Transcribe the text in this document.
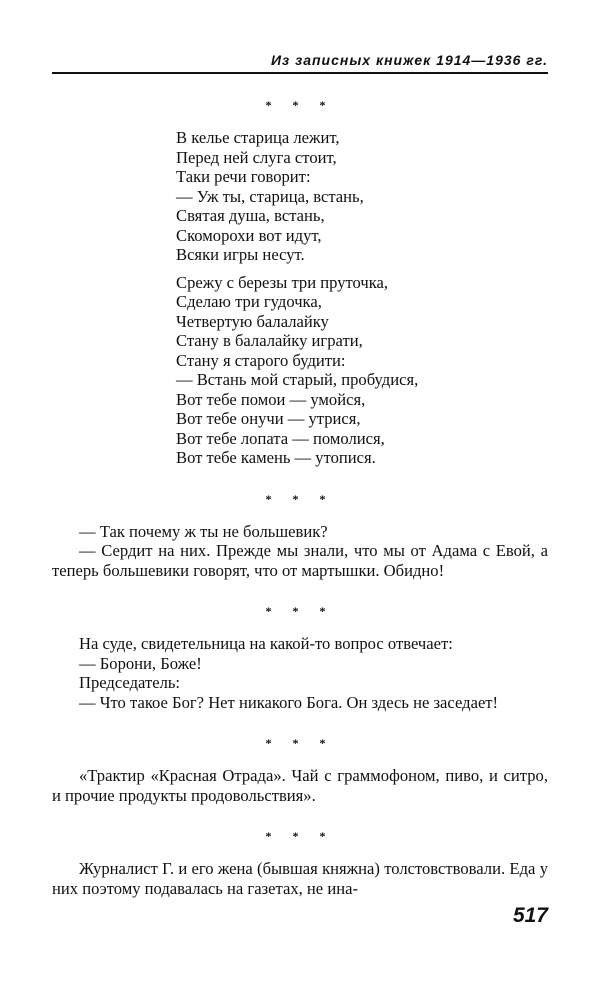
Из записных книжек 1914—1936 гг.
* * *
В келье старица лежит,
Перед ней слуга стоит,
Таки речи говорит:
— Уж ты, старица, встань,
Святая душа, встань,
Скоморохи вот идут,
Всяки игры несут.
Срежу с березы три пруточка,
Сделаю три гудочка,
Четвертую балалайку
Стану в балалайку играти,
Стану я старого будити:
— Встань мой старый, пробудися,
Вот тебе помои — умойся,
Вот тебе онучи — утрися,
Вот тебе лопата — помолися,
Вот тебе камень — утопися.
* * *

— Так почему ж ты не большевик?

— Сердит на них. Прежде мы знали, что мы от Адама с Евой, а теперь большевики говорят, что от мартышки. Обидно!

* * *

На суде, свидетельница на какой-то вопрос отвечает:

— Борони, Боже!

Председатель:

— Что такое Бог? Нет никакого Бога. Он здесь не заседает!

* * *

«Трактир «Красная Отрада». Чай с граммофоном, пиво, и ситро, и прочие продукты продовольствия».

* * *

Журналист Г. и его жена (бывшая княжна) толстовствовали. Еда у них поэтому подавалась на газетах, не ина-

517
